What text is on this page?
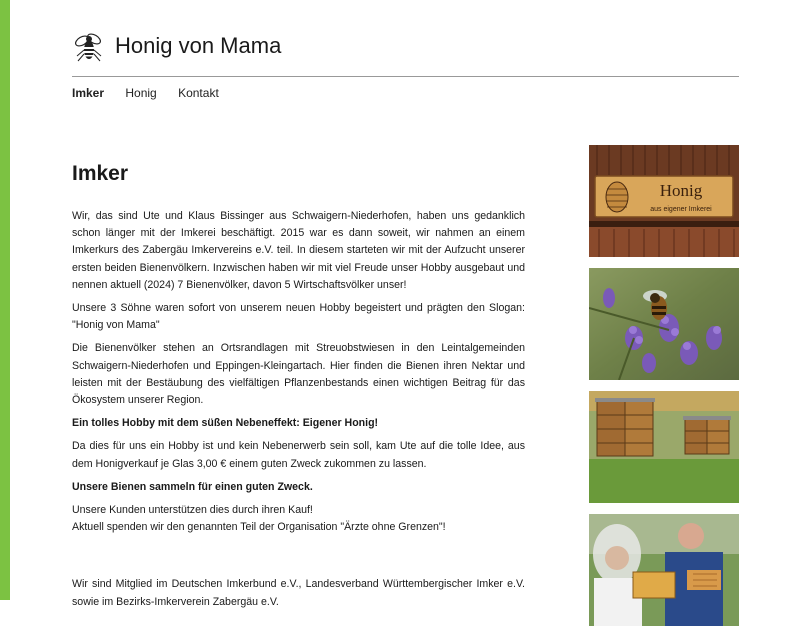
Honig von Mama
Imker Honig Kontakt
Imker

Wir, das sind Ute und Klaus Bissinger aus Schwaigern-Niederhofen, haben uns gedanklich schon länger mit der Imkerei beschäftigt. 2015 war es dann soweit, wir nahmen an einem Imkerkurs des Zabergäu Imkervereins e.V. teil. In diesem starteten wir mit der Aufzucht unserer ersten beiden Bienenvölkern. Inzwischen haben wir mit viel Freude unser Hobby ausgebaut und nennen aktuell (2024) 7 Bienenvölker, davon 5 Wirtschaftsvölker unser!

Unsere 3 Söhne waren sofort von unserem neuen Hobby begeistert und prägten den Slogan: "Honig von Mama"

Die Bienenvölker stehen an Ortsrandlagen mit Streuobstwiesen in den Leintalgemeinden Schwaigern-Niederhofen und Eppingen-Kleingartach. Hier finden die Bienen ihren Nektar und leisten mit der Bestäubung des vielfältigen Pflanzenbestands einen wichtigen Beitrag für das Ökosystem unserer Region.

Ein tolles Hobby mit dem süßen Nebeneffekt: Eigener Honig!

Da dies für uns ein Hobby ist und kein Nebenerwerb sein soll, kam Ute auf die tolle Idee, aus dem Honigverkauf je Glas 3,00 € einem guten Zweck zukommen zu lassen.

Unsere Bienen sammeln für einen guten Zweck.

Unsere Kunden unterstützen dies durch ihren Kauf!

Aktuell spenden wir den genannten Teil der Organisation "Ärzte ohne Grenzen"!

Wir sind Mitglied im Deutschen Imkerbund e.V., Landesverband Württembergischer Imker e.V. sowie im Bezirks-Imkerverein Zabergäu e.V.

Honig
aus eigener Imkerei
